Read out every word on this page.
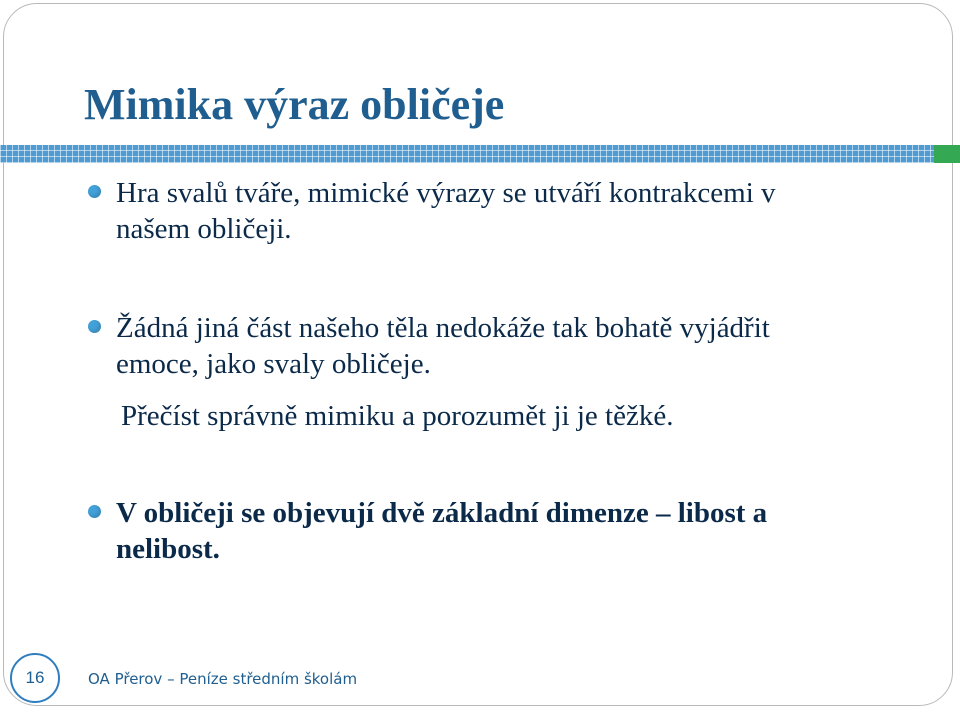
Mimika výraz obličeje
Hra svalů tváře, mimické výrazy se utváří kontrakcemi v našem obličeji.
Žádná jiná část našeho těla nedokáže tak bohatě vyjádřit emoce, jako svaly obličeje.
Přečíst správně mimiku a porozumět ji je těžké.
V obličeji se objevují dvě základní dimenze – libost a nelibost.
16	OA Přerov – Peníze středním školám
